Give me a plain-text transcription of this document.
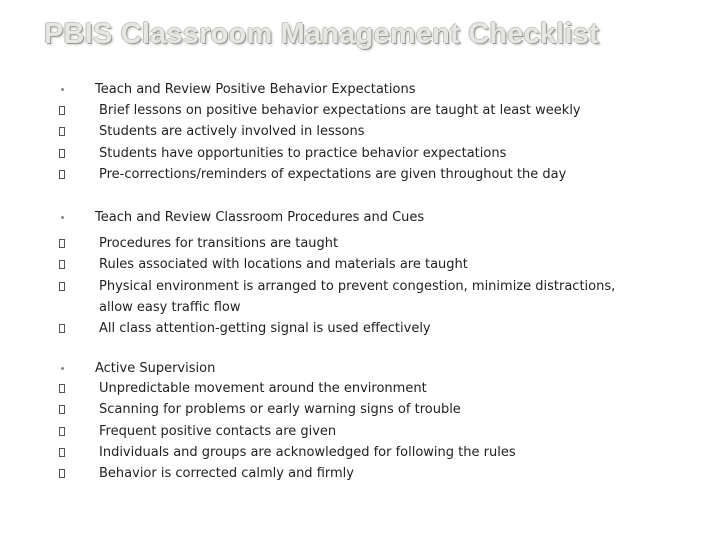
PBIS Classroom Management Checklist
Teach and Review Positive Behavior Expectations
Brief lessons on positive behavior expectations are taught at least weekly
Students are actively involved in lessons
Students have opportunities to practice behavior expectations
Pre-corrections/reminders of expectations are given throughout the day
Teach and Review Classroom Procedures and Cues
Procedures for transitions are taught
Rules associated with locations and materials are taught
Physical environment is arranged to prevent congestion, minimize distractions,
allow easy traffic flow
All class attention-getting signal is used effectively
Active Supervision
Unpredictable movement around the environment
Scanning for problems or early warning signs of trouble
Frequent positive contacts are given
Individuals and groups are acknowledged for following the rules
Behavior is corrected calmly and firmly
